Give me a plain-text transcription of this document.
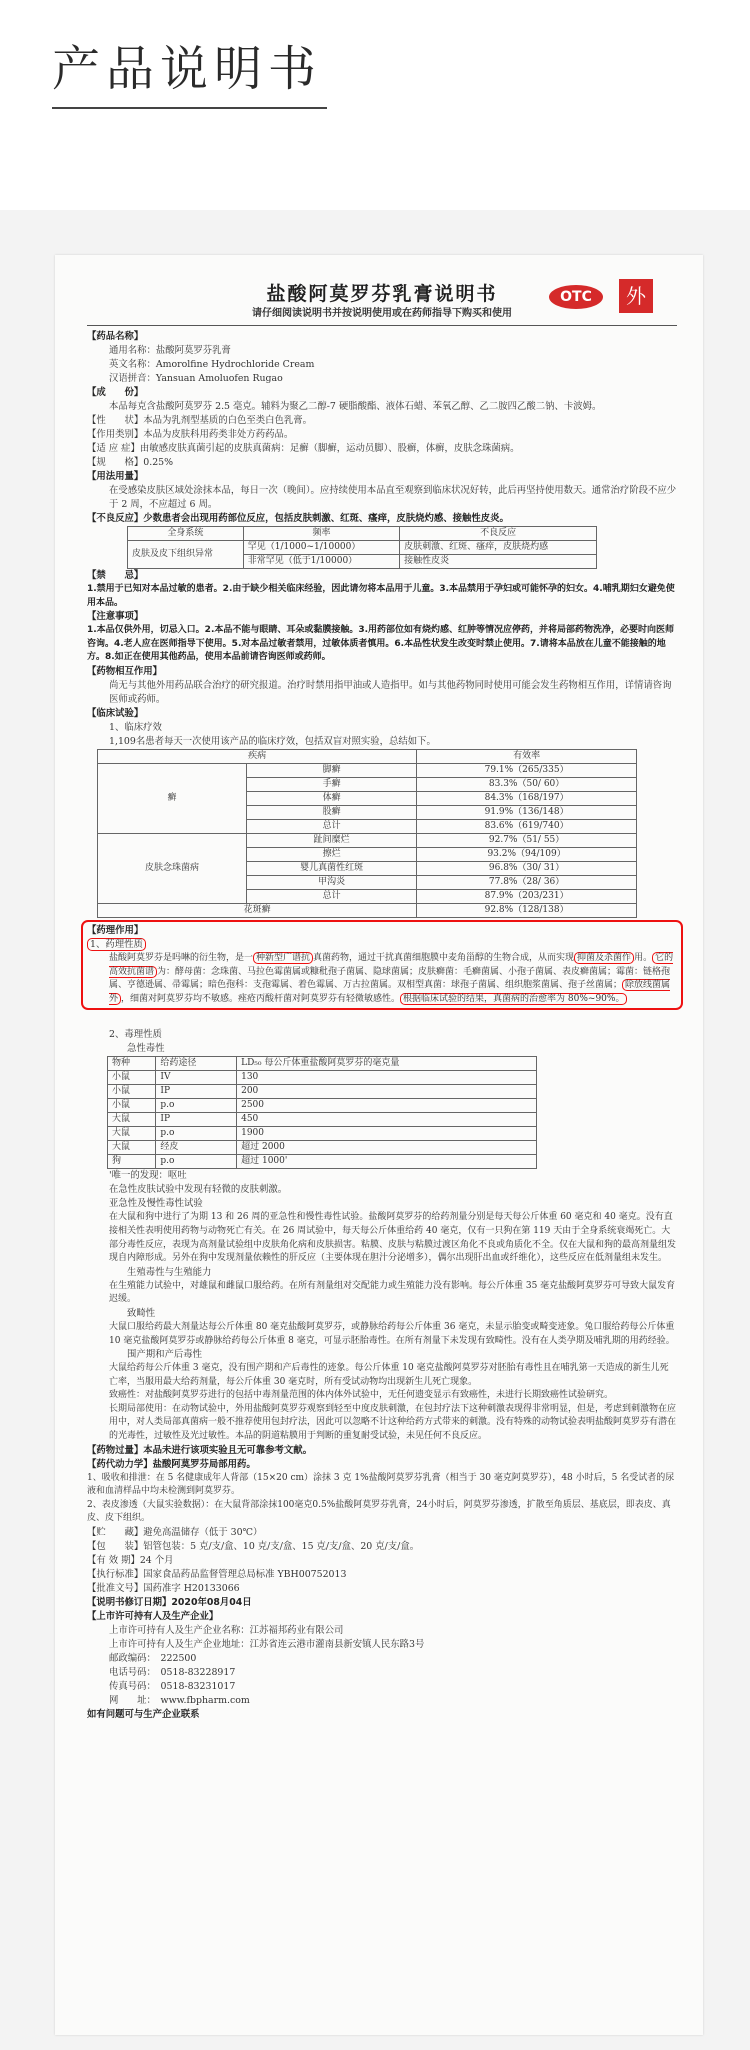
产品说明书
OTC	外
盐酸阿莫罗芬乳膏说明书
请仔细阅读说明书并按说明使用或在药师指导下购买和使用

【药品名称】

通用名称：盐酸阿莫罗芬乳膏

英文名称：Amorolfine Hydrochloride Cream

汉语拼音：Yansuan Amoluofen Rugao

【成　　份】

本品每克含盐酸阿莫罗芬 2.5 毫克。辅料为聚乙二醇-7 硬脂酸酯、液体石蜡、苯氧乙醇、乙二胺四乙酸二钠、卡波姆。

【性　　状】本品为乳剂型基质的白色至类白色乳膏。

【作用类别】本品为皮肤科用药类非处方药药品。

【适 应 症】由敏感皮肤真菌引起的皮肤真菌病：足癣（脚癣，运动员脚）、股癣，体癣，皮肤念珠菌病。

【规　　格】0.25%

【用法用量】

在受感染皮肤区域处涂抹本品，每日一次（晚间）。应持续使用本品直至观察到临床状况好转，此后再坚持使用数天。通常治疗阶段不应少于 2 周，不应超过 6 周。

【不良反应】少数患者会出现用药部位反应，包括皮肤刺激、红斑、瘙痒，皮肤烧灼感、接触性皮炎。

全身系统	频率	不良反应
皮肤及皮下组织异常	罕见（1/1000~1/10000）	皮肤刺激、红斑、瘙痒，皮肤烧灼感
	非常罕见（低于1/10000）	接触性皮炎

【禁　　忌】

1.禁用于已知对本品过敏的患者。2.由于缺少相关临床经验，因此请勿将本品用于儿童。3.本品禁用于孕妇或可能怀孕的妇女。4.哺乳期妇女避免使用本品。

【注意事项】

1.本品仅供外用，切忌入口。2.本品不能与眼睛、耳朵或黏膜接触。3.用药部位如有烧灼感、红肿等情况应停药，并将局部药物洗净，必要时向医师咨询。4.老人应在医师指导下使用。5.对本品过敏者禁用，过敏体质者慎用。6.本品性状发生改变时禁止使用。7.请将本品放在儿童不能接触的地方。8.如正在使用其他药品，使用本品前请咨询医师或药师。

【药物相互作用】

尚无与其他外用药品联合治疗的研究报道。治疗时禁用指甲油或人造指甲。如与其他药物同时使用可能会发生药物相互作用，详情请咨询医师或药师。

【临床试验】

1、临床疗效

1,109名患者每天一次使用该产品的临床疗效，包括双盲对照实验，总结如下。

疾病		有效率
癣	脚癣	79.1%（265/335）
	手癣	83.3%（50/ 60）
	体癣	84.3%（168/197）
	股癣	91.9%（136/148）
	总计	83.6%（619/740）
皮肤念珠菌病	趾间糜烂	92.7%（51/ 55）
	擦烂	93.2%（94/109）
	婴儿真菌性红斑	96.8%（30/ 31）
	甲沟炎	77.8%（28/ 36）
	总计	87.9%（203/231）
花斑癣		92.8%（128/138）

【药理作用】

1、药理性质

盐酸阿莫罗芬是吗啉的衍生物，是一 种新型广谱抗 真菌药物，通过干扰真菌细胞膜中麦角甾醇的生物合成，从而实现 抑菌及杀菌作 用。 它的高效抗菌谱 为：酵母菌：念珠菌、马拉色霉菌属或糠秕孢子菌属、隐球菌属；皮肤癣菌：毛癣菌属、小孢子菌属、表皮癣菌属；霉菌：链格孢属、亨德逊属、帚霉属；暗色孢科：支孢霉属、着色霉属、万古拉菌属。双相型真菌：球孢子菌属、组织胞浆菌属、孢子丝菌属； 除放线菌属外 ，细菌对阿莫罗芬均不敏感。痤疮丙酸杆菌对阿莫罗芬有轻微敏感性。 根据临床试验的结果，真菌病的治愈率为 80%~90%。

2、毒理性质

急性毒性

物种	给药途径	LD₅₀ 每公斤体重盐酸阿莫罗芬的毫克量
小鼠	IV	130
小鼠	IP	200
小鼠	p.o	2500
大鼠	IP	450
大鼠	p.o	1900
大鼠	经皮	超过 2000
狗	p.o	超过 1000'

'唯一的发现：呕吐

在急性皮肤试验中发现有轻微的皮肤刺激。

亚急性及慢性毒性试验

在大鼠和狗中进行了为期 13 和 26 周的亚急性和慢性毒性试验。盐酸阿莫罗芬的给药剂量分别是每天每公斤体重 60 毫克和 40 毫克。没有直接相关性表明使用药物与动物死亡有关。在 26 周试验中，每天每公斤体重给药 40 毫克，仅有一只狗在第 119 天由于全身系统衰竭死亡。大部分毒性反应，表现为高剂量试验组中皮肤角化病和皮肤损害。粘膜、皮肤与粘膜过渡区角化不良或角质化不全。仅在大鼠和狗的最高剂量组发现自内障形成。另外在狗中发现剂量依赖性的肝反应（主要体现在胆汁分泌增多），偶尔出现肝出血或纤维化），这些反应在低剂量组未发生。

生殖毒性与生殖能力

在生殖能力试验中，对雄鼠和雌鼠口服给药。在所有剂量组对交配能力或生殖能力没有影响。每公斤体重 35 毫克盐酸阿莫罗芬可导致大鼠发育迟缓。

致畸性

大鼠口服给药最大剂量达每公斤体重 80 毫克盐酸阿莫罗芬，或静脉给药每公斤体重 36 毫克，未显示胎变或畸变迹象。兔口服给药每公斤体重 10 毫克盐酸阿莫罗芬或静脉给药每公斤体重 8 毫克，可显示胚胎毒性。在所有剂量下未发现有致畸性。没有在人类孕期及哺乳期的用药经验。

围产期和产后毒性

大鼠给药每公斤体重 3 毫克，没有围产期和产后毒性的迹象。每公斤体重 10 毫克盐酸阿莫罗芬对胚胎有毒性且在哺乳第一天造成的新生儿死亡率，当服用最大给药剂量，每公斤体重 30 毫克时，所有受试动物均出现新生儿死亡现象。

致癌性：对盐酸阿莫罗芬进行的包括中毒剂量范围的体内体外试验中，无任何遗变显示有致癌性，未进行长期致癌性试验研究。

长期局部使用：在动物试验中，外用盐酸阿莫罗芬观察到轻至中度皮肤刺激，在包封疗法下这种刺激表现得非常明显，但是，考虑到刺激物在应用中，对人类局部真菌病一般不推荐使用包封疗法，因此可以忽略不计这种给药方式带来的刺激。没有特殊的动物试验表明盐酸阿莫罗芬有潜在的光毒性，过敏性及光过敏性。本品的阴道粘膜用于判断的重复耐受试验，未见任何不良反应。

【药物过量】本品未进行该项实验且无可靠参考文献。

【药代动力学】盐酸阿莫罗芬局部用药。

1、吸收和排泄：在 5 名健康成年人背部（15×20 cm）涂抹 3 克 1%盐酸阿莫罗芬乳膏（相当于 30 毫克阿莫罗芬），48 小时后，5 名受试者的尿液和血清样品中均未检测到阿莫罗芬。

2、表皮渗透（大鼠实验数据）：在大鼠背部涂抹100毫克0.5%盐酸阿莫罗芬乳膏，24小时后，阿莫罗芬渗透，扩散至角质层、基底层，即表皮、真皮、皮下组织。

【贮　　藏】避免高温储存（低于 30℃）

【包　　装】铝管包装：5 克/支/盒、10 克/支/盒、15 克/支/盒、20 克/支/盒。

【有 效 期】24 个月

【执行标准】国家食品药品监督管理总局标准 YBH00752013

【批准文号】国药准字 H20133066

【说明书修订日期】2020年08月04日

【上市许可持有人及生产企业】

上市许可持有人及生产企业名称：江苏福邦药业有限公司

上市许可持有人及生产企业地址：江苏省连云港市灌南县新安镇人民东路3号

邮政编码：　222500

电话号码：　0518-83228917

传真号码：　0518-83231017

网　　址：　www.fbpharm.com

如有问题可与生产企业联系
